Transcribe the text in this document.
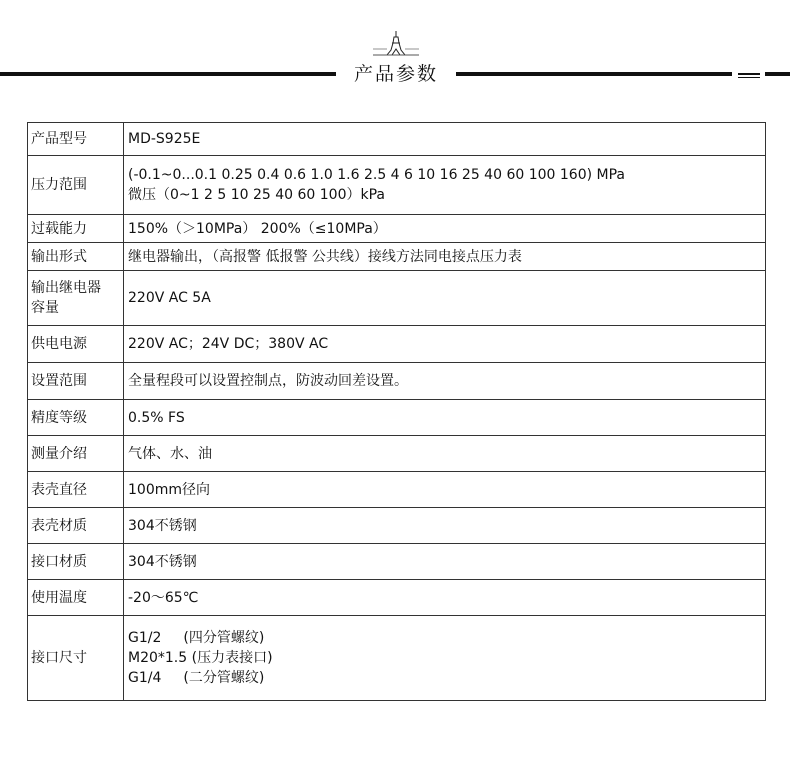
产品参数
产品型号	MD-S925E
压力范围	(-0.1~0...0.1 0.25 0.4 0.6 1.0 1.6 2.5 4 6 10 16 25 40 60 100 160) MPa
微压（0~1 2 5 10 25 40 60 100）kPa

过载能力	150%（＞10MPa） 200%（≤10MPa）
输出形式	继电器输出，（高报警 低报警 公共线）接线方法同电接点压力表

输出继电器
容量	220V AC 5A
供电电源	220V AC；24V DC；380V AC
设置范围	全量程段可以设置控制点，防波动回差设置。
精度等级	0.5% FS
测量介绍	气体、水、油
表壳直径	100mm径向
表壳材质	304不锈钢
接口材质	304不锈钢
使用温度	-20～65℃
接口尺寸	G1/2 (四分管螺纹)
M20*1.5 (压力表接口)
G1/4 (二分管螺纹)
